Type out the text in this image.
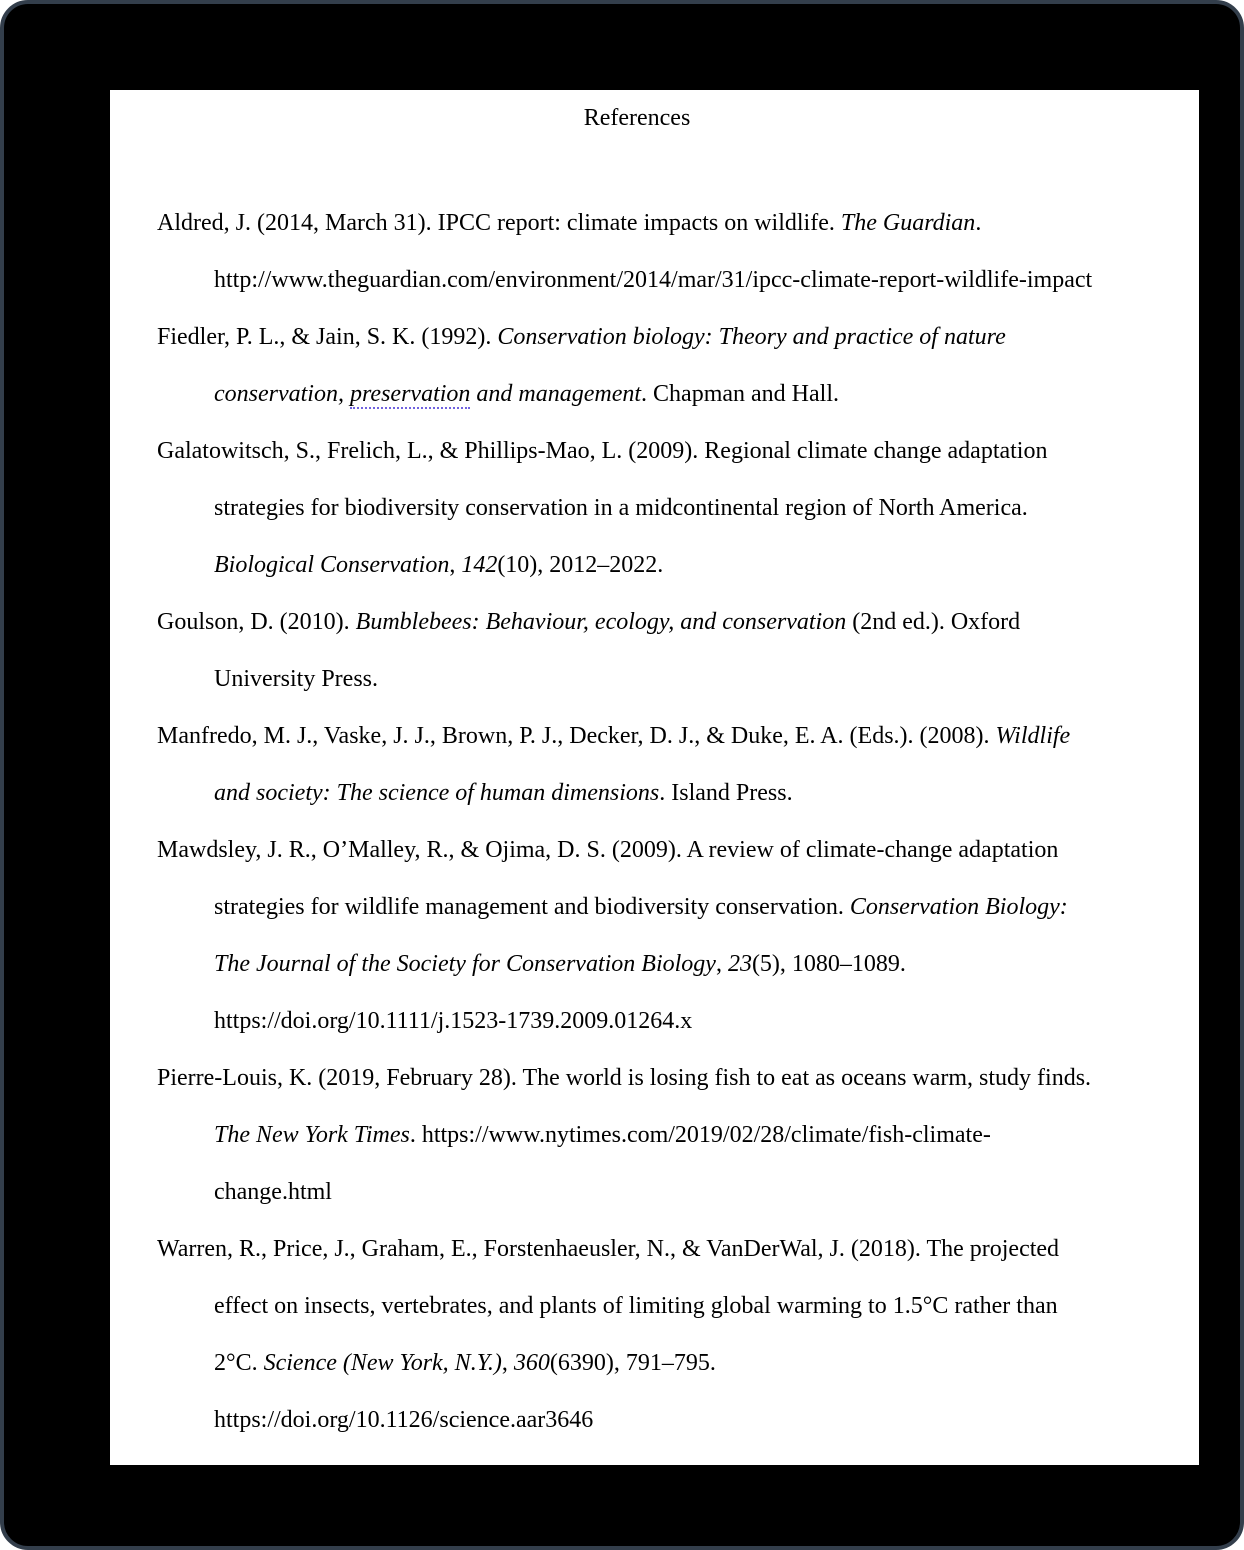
References
Aldred, J. (2014, March 31). IPCC report: climate impacts on wildlife. The Guardian.
http://www.theguardian.com/environment/2014/mar/31/ipcc-climate-report-wildlife-impact
Fiedler, P. L., & Jain, S. K. (1992). Conservation biology: Theory and practice of nature
conservation, preservation and management. Chapman and Hall.
Galatowitsch, S., Frelich, L., & Phillips-Mao, L. (2009). Regional climate change adaptation
strategies for biodiversity conservation in a midcontinental region of North America.
Biological Conservation, 142(10), 2012–2022.
Goulson, D. (2010). Bumblebees: Behaviour, ecology, and conservation (2nd ed.). Oxford
University Press.
Manfredo, M. J., Vaske, J. J., Brown, P. J., Decker, D. J., & Duke, E. A. (Eds.). (2008). Wildlife
and society: The science of human dimensions. Island Press.
Mawdsley, J. R., O’Malley, R., & Ojima, D. S. (2009). A review of climate-change adaptation
strategies for wildlife management and biodiversity conservation. Conservation Biology:
The Journal of the Society for Conservation Biology, 23(5), 1080–1089.
https://doi.org/10.1111/j.1523-1739.2009.01264.x
Pierre-Louis, K. (2019, February 28). The world is losing fish to eat as oceans warm, study finds.
The New York Times. https://www.nytimes.com/2019/02/28/climate/fish-climate-
change.html
Warren, R., Price, J., Graham, E., Forstenhaeusler, N., & VanDerWal, J. (2018). The projected
effect on insects, vertebrates, and plants of limiting global warming to 1.5°C rather than
2°C. Science (New York, N.Y.), 360(6390), 791–795.
https://doi.org/10.1126/science.aar3646
